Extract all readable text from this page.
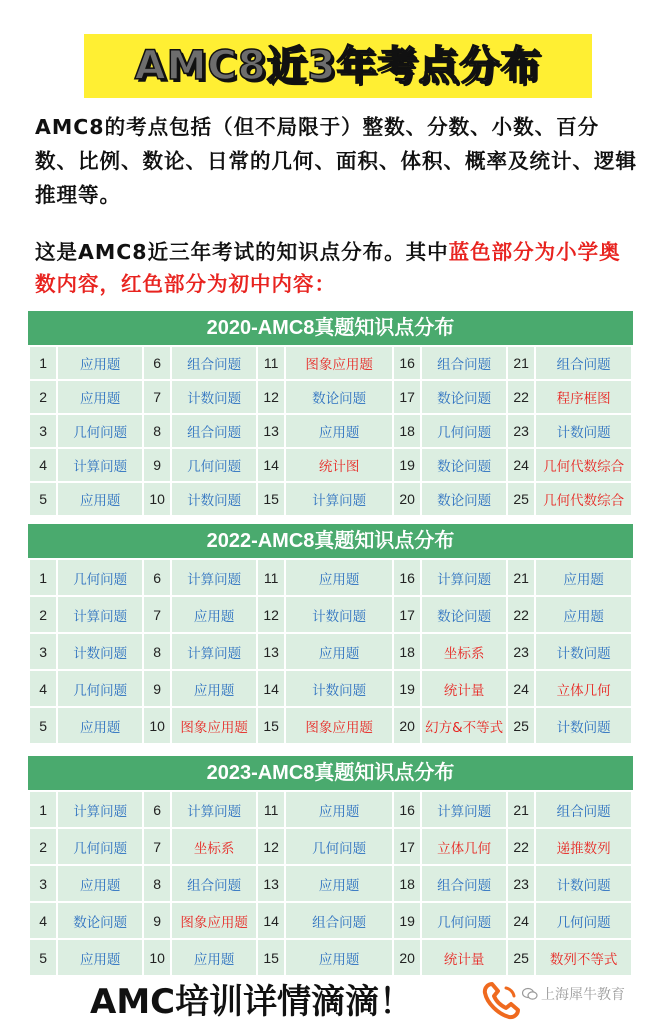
AMC8近3年考点分布
AMC8的考点包括（但不局限于）整数、分数、小数、百分数、比例、数论、日常的几何、面积、体积、概率及统计、逻辑推理等。
这是AMC8近三年考试的知识点分布。其中蓝色部分为小学奥数内容，红色部分为初中内容：
2020-AMC8真题知识点分布
1	应用题	6	组合问题	11	图象应用题	16	组合问题	21	组合问题
2	应用题	7	计数问题	12	数论问题	17	数论问题	22	程序框图
3	几何问题	8	组合问题	13	应用题	18	几何问题	23	计数问题
4	计算问题	9	几何问题	14	统计图	19	数论问题	24	几何代数综合
5	应用题	10	计数问题	15	计算问题	20	数论问题	25	几何代数综合
2022-AMC8真题知识点分布
1	几何问题	6	计算问题	11	应用题	16	计算问题	21	应用题
2	计算问题	7	应用题	12	计数问题	17	数论问题	22	应用题
3	计数问题	8	计算问题	13	应用题	18	坐标系	23	计数问题
4	几何问题	9	应用题	14	计数问题	19	统计量	24	立体几何
5	应用题	10	图象应用题	15	图象应用题	20	幻方&不等式	25	计数问题
2023-AMC8真题知识点分布
1	计算问题	6	计算问题	11	应用题	16	计算问题	21	组合问题
2	几何问题	7	坐标系	12	几何问题	17	立体几何	22	递推数列
3	应用题	8	组合问题	13	应用题	18	组合问题	23	计数问题
4	数论问题	9	图象应用题	14	组合问题	19	几何问题	24	几何问题
5	应用题	10	应用题	15	应用题	20	统计量	25	数列不等式
AMC培训详情滴滴！	上海犀牛教育
